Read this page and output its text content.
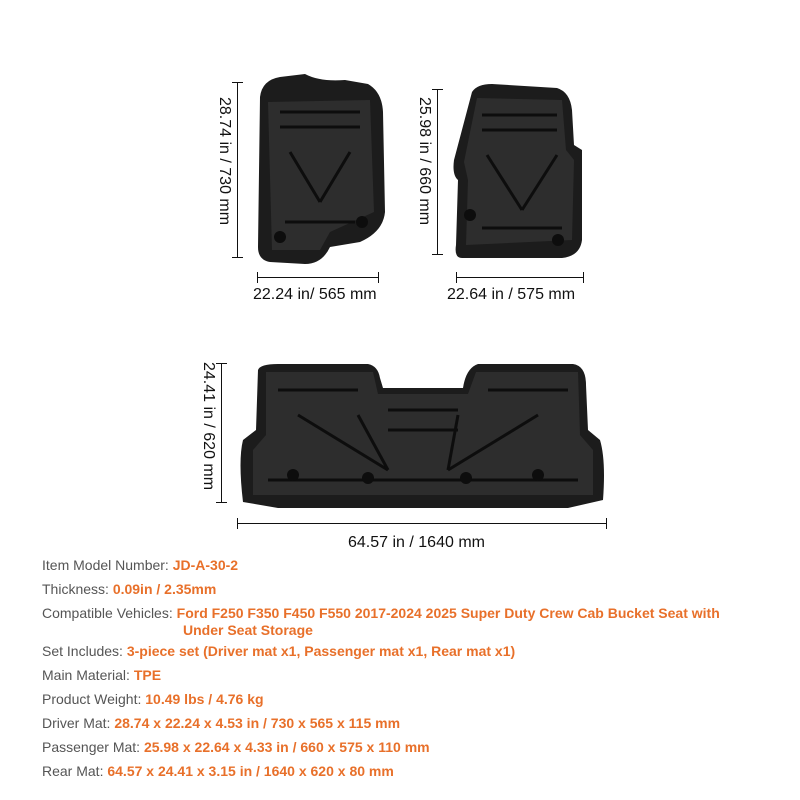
28.74 in / 730 mm
22.24 in/ 565 mm
25.98 in / 660 mm
22.64 in / 575 mm
24.41 in / 620 mm
64.57 in / 1640 mm
Item Model Number: JD-A-30-2
Thickness: 0.09in / 2.35mm
Compatible Vehicles: Ford F250 F350 F450 F550 2017-2024 2025 Super Duty Crew Cab Bucket Seat with
Under Seat Storage
Set Includes: 3-piece set (Driver mat x1, Passenger mat x1, Rear mat x1)
Main Material: TPE
Product Weight: 10.49 lbs / 4.76 kg
Driver Mat: 28.74 x 22.24 x 4.53 in / 730 x 565 x 115 mm
Passenger Mat: 25.98 x 22.64 x 4.33 in / 660 x 575 x 110 mm
Rear Mat: 64.57 x 24.41 x 3.15 in / 1640 x 620 x 80 mm
